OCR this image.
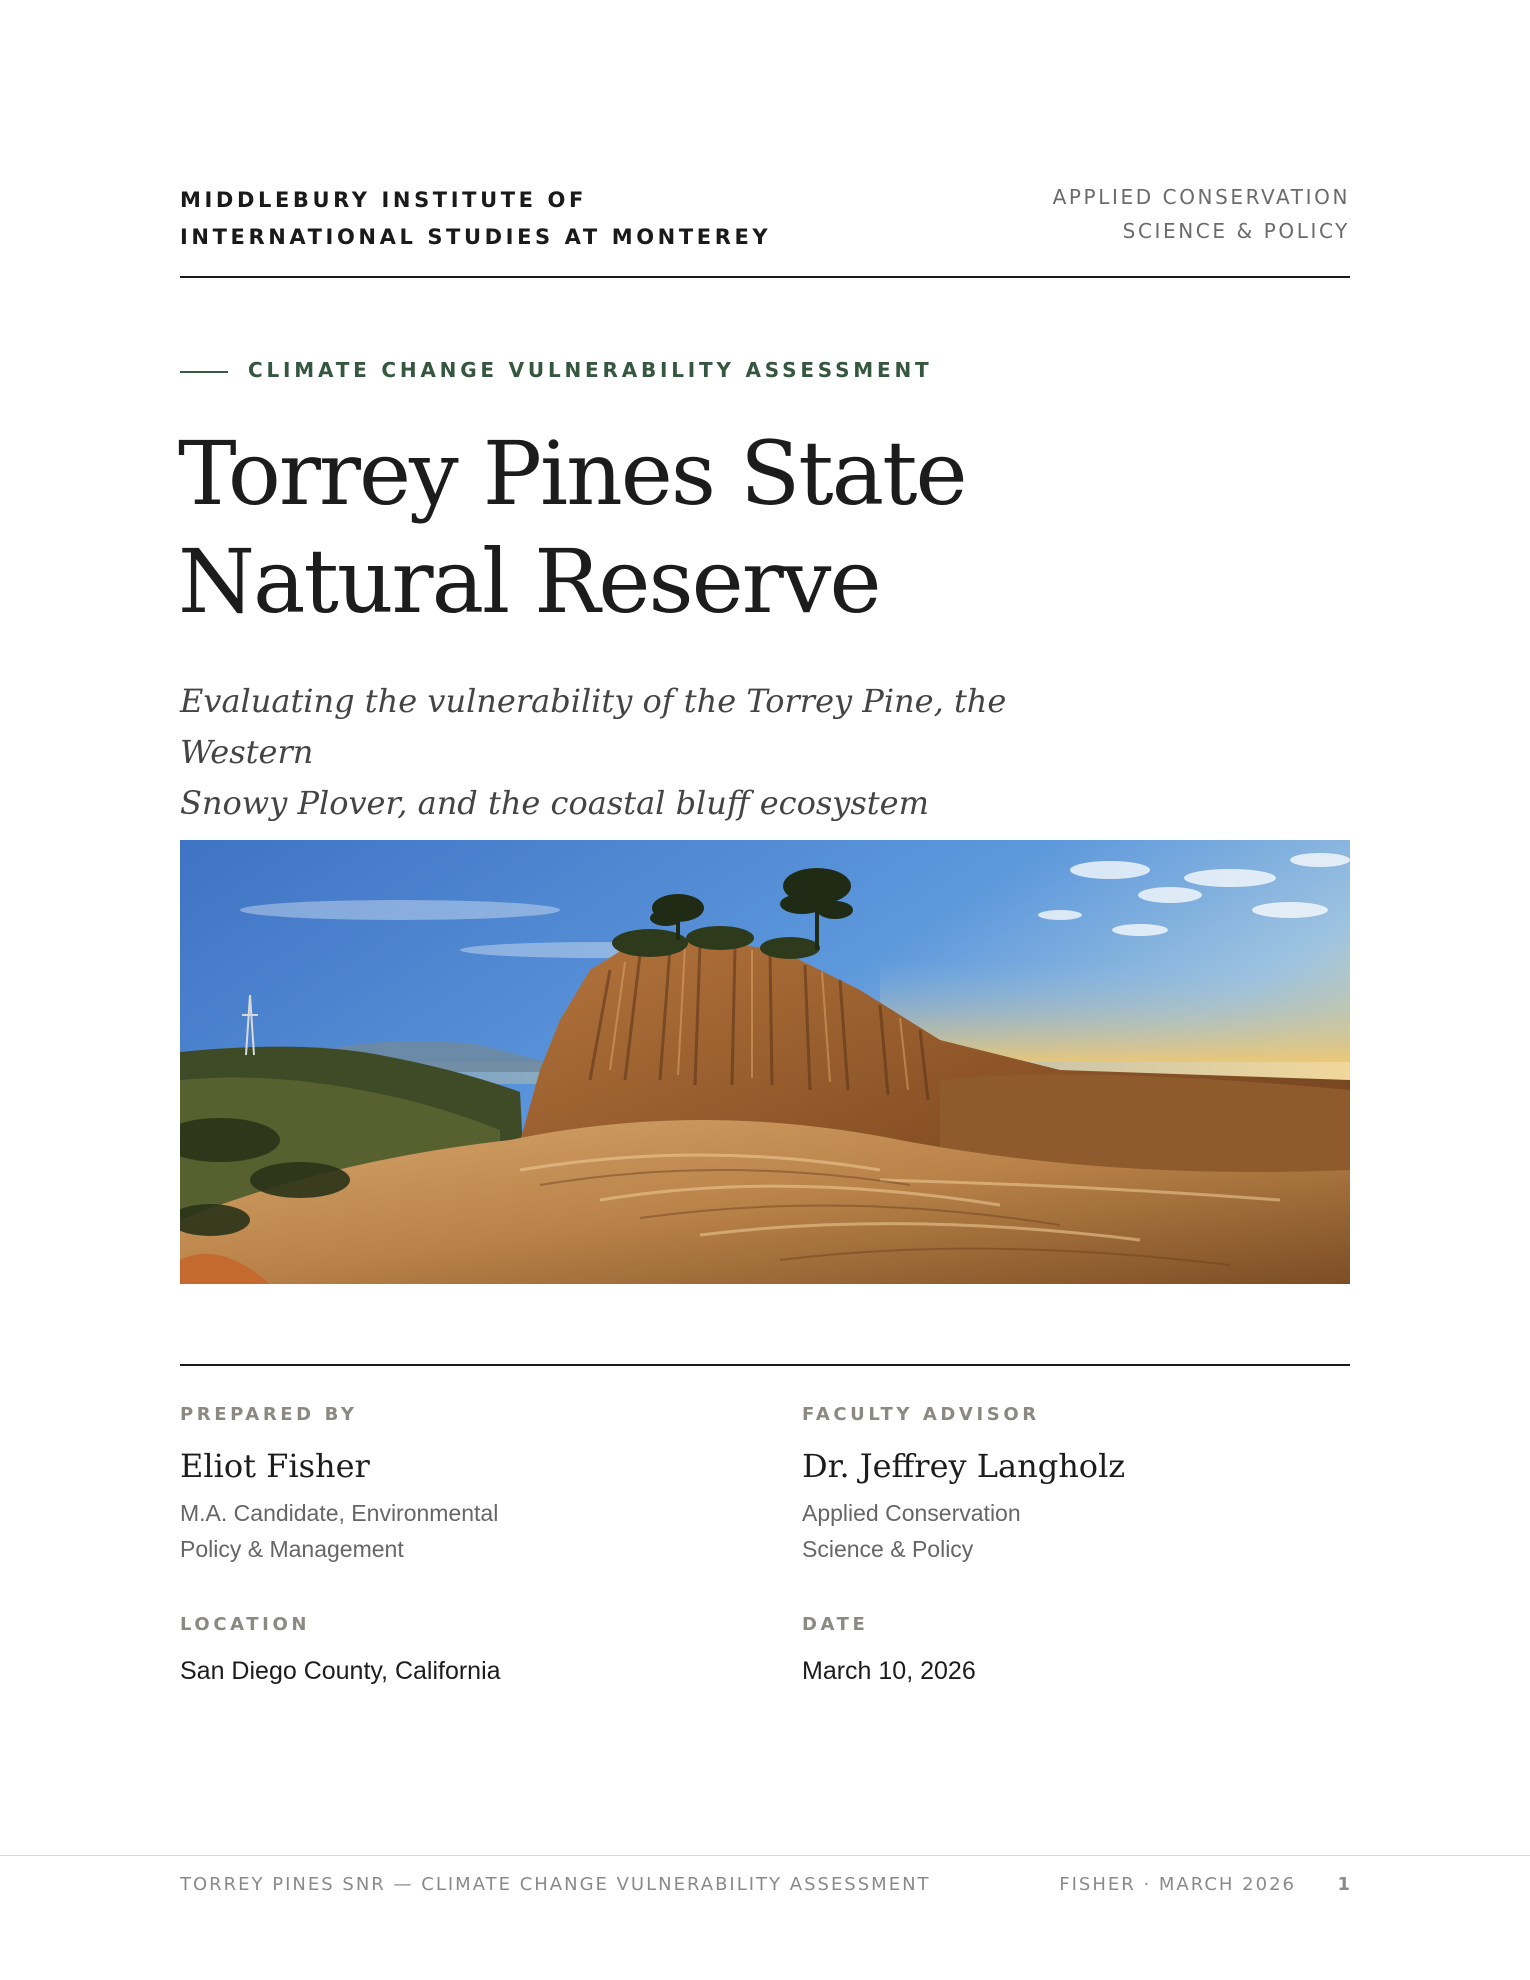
MIDDLEBURY INSTITUTE OF
INTERNATIONAL STUDIES AT MONTEREY
APPLIED CONSERVATION
SCIENCE & POLICY
CLIMATE CHANGE VULNERABILITY ASSESSMENT
Torrey Pines State
Natural Reserve
Evaluating the vulnerability of the Torrey Pine, the Western
Snowy Plover, and the coastal bluff ecosystem
PREPARED BY
Eliot Fisher
M.A. Candidate, Environmental
Policy & Management
FACULTY ADVISOR
Dr. Jeffrey Langholz
Applied Conservation
Science & Policy
LOCATION
San Diego County, California
DATE
March 10, 2026
TORREY PINES SNR — CLIMATE CHANGE VULNERABILITY ASSESSMENT	FISHER · MARCH 2026 1
